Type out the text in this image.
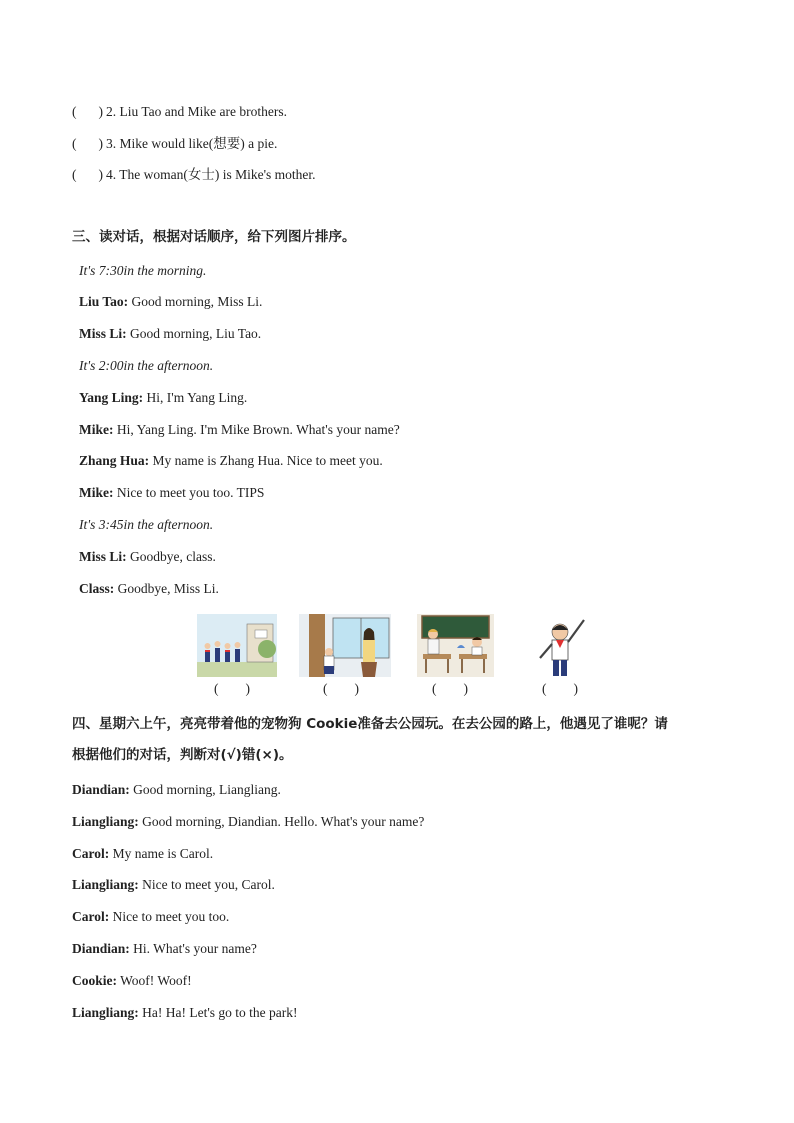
( ) 2. Liu Tao and Mike are brothers.
( ) 3. Mike would like(想要) a pie.
( ) 4. The woman(女士) is Mike's mother.
三、读对话，根据对话顺序，给下列图片排序。
It's 7:30in the morning.
Liu Tao: Good morning, Miss Li.
Miss Li: Good morning, Liu Tao.
It's 2:00in the afternoon.
Yang Ling: Hi, I'm Yang Ling.
Mike: Hi, Yang Ling. I'm Mike Brown. What's your name?
Zhang Hua: My name is Zhang Hua. Nice to meet you.
Mike: Nice to meet you too. TIPS
It's 3:45in the afternoon.
Miss Li: Goodbye, class.
Class: Goodbye, Miss Li.
(        )	(        )	(        )	(        )
四、星期六上午，亮亮带着他的宠物狗 Cookie准备去公园玩。在去公园的路上，他遇见了谁呢？请
根据他们的对话，判断对(√)错(×)。
Diandian: Good morning, Liangliang.
Liangliang: Good morning, Diandian. Hello. What's your name?
Carol: My name is Carol.
Liangliang: Nice to meet you, Carol.
Carol: Nice to meet you too.
Diandian: Hi. What's your name?
Cookie: Woof! Woof!
Liangliang: Ha! Ha! Let's go to the park!
